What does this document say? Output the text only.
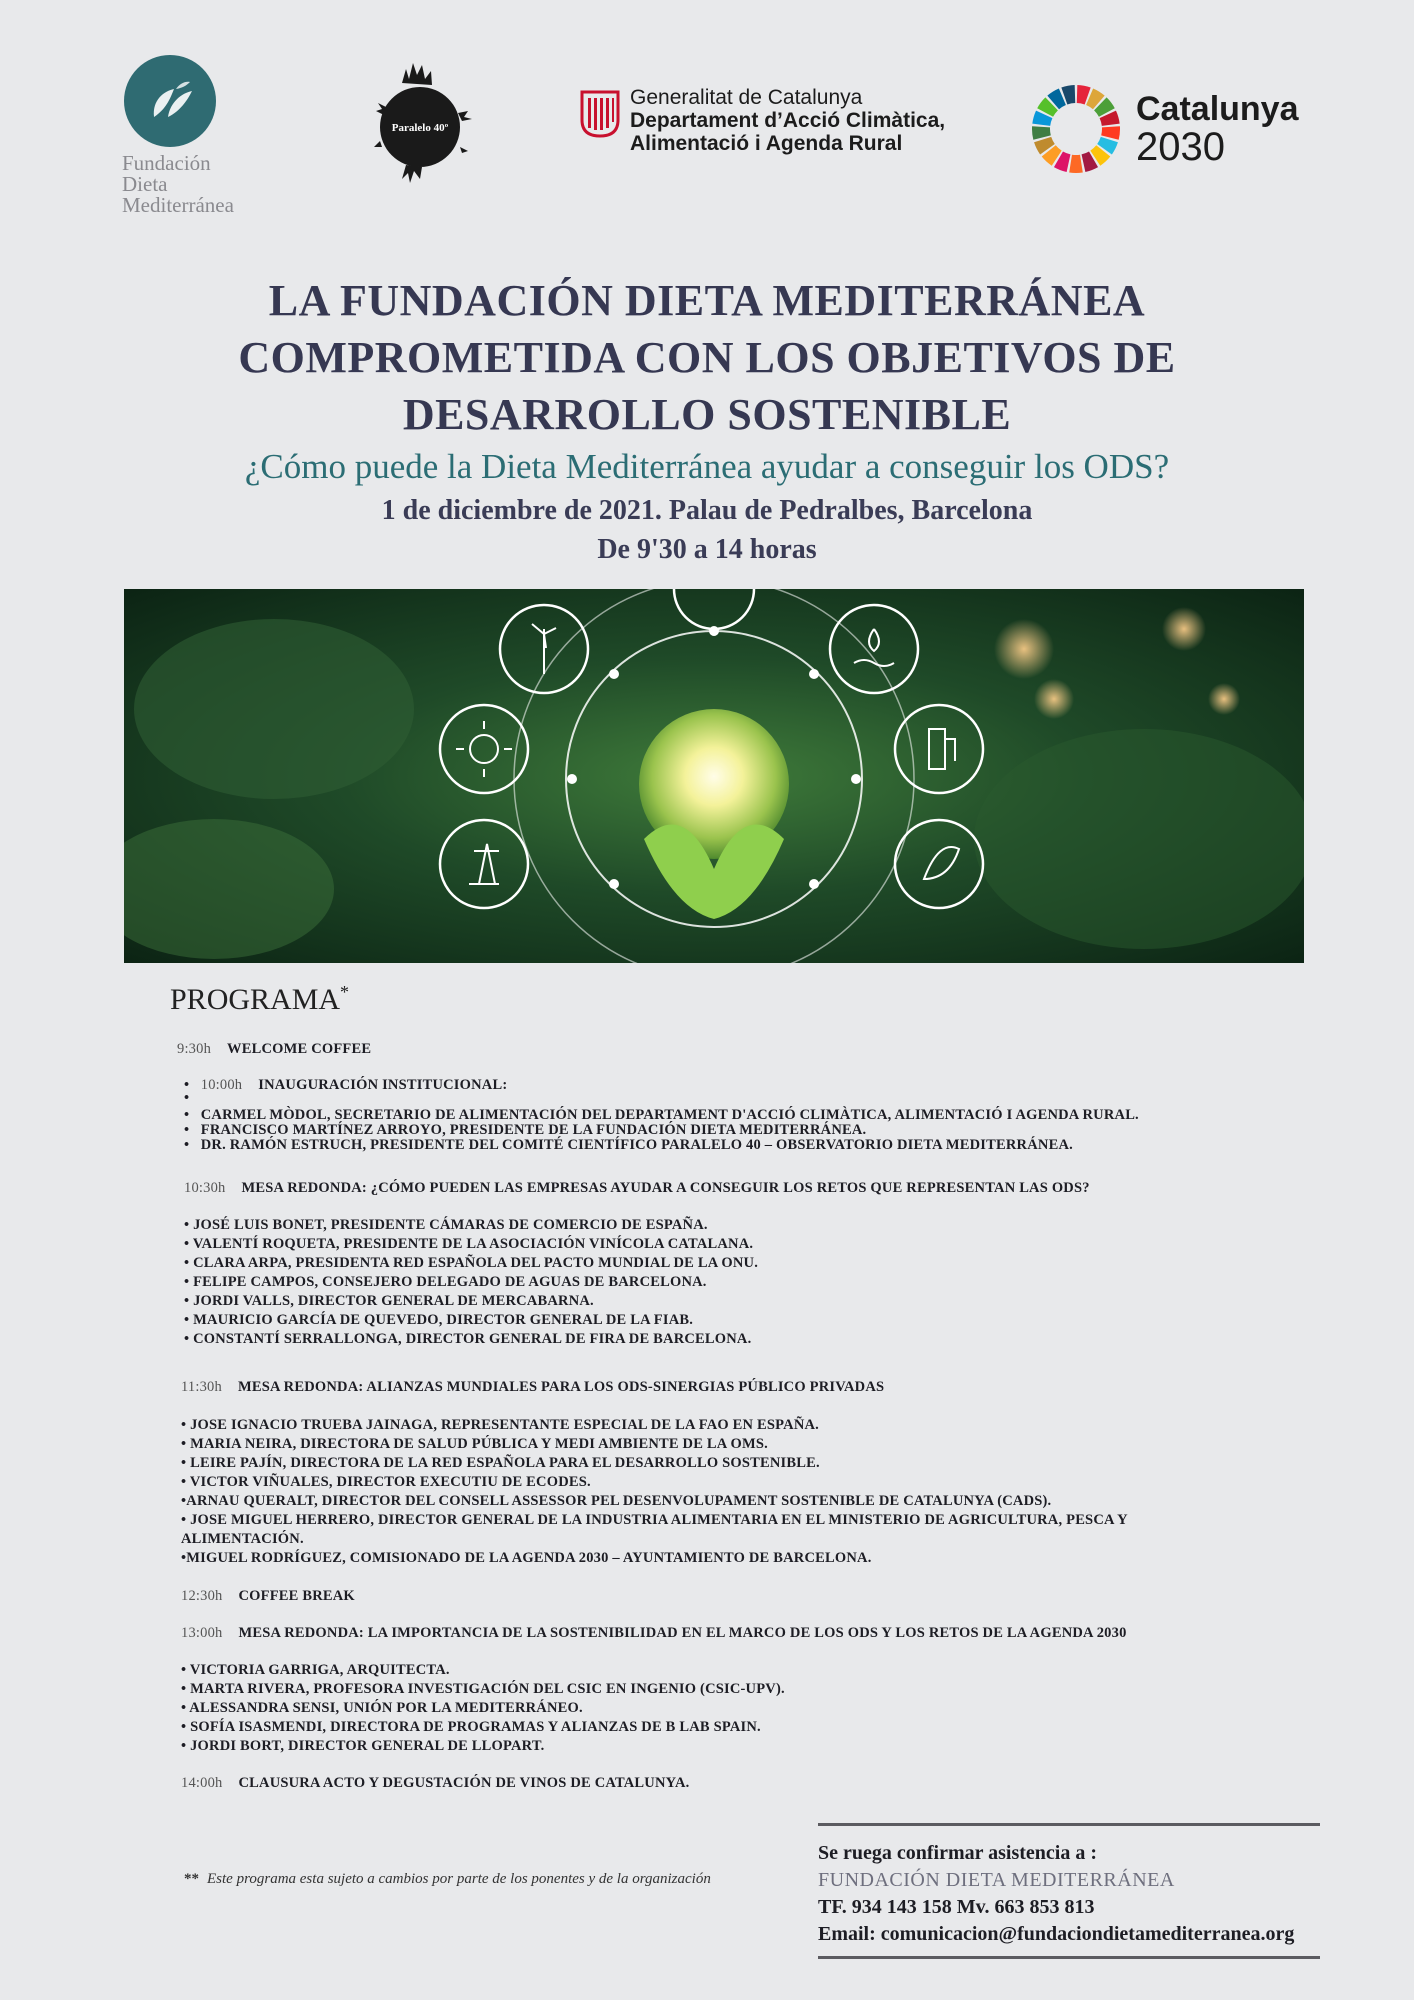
Fundación
Dieta
Mediterránea
Paralelo 40º
Generalitat de Catalunya
Departament d’Acció Climàtica,
Alimentació i Agenda Rural
Catalunya
2030
LA FUNDACIÓN DIETA MEDITERRÁNEA
COMPROMETIDA CON LOS OBJETIVOS DE
DESARROLLO SOSTENIBLE

¿Cómo puede la Dieta Mediterránea ayudar a conseguir los ODS?

1 de diciembre de 2021. Palau de Pedralbes, Barcelona

De 9'30 a 14 horas

PROGRAMA*

9:30h WELCOME COFFEE
•   10:00h INAUGURACIÓN INSTITUCIONAL:
•
•   CARMEL MÒDOL, SECRETARIO DE ALIMENTACIÓN DEL DEPARTAMENT D'ACCIÓ CLIMÀTICA, ALIMENTACIÓ I AGENDA RURAL.
•   FRANCISCO MARTÍNEZ ARROYO, PRESIDENTE DE LA FUNDACIÓN DIETA MEDITERRÁNEA.
•   DR. RAMÓN ESTRUCH, PRESIDENTE DEL COMITÉ CIENTÍFICO PARALELO 40 – OBSERVATORIO DIETA MEDITERRÁNEA.
10:30h MESA REDONDA: ¿CÓMO PUEDEN LAS EMPRESAS AYUDAR A CONSEGUIR LOS RETOS QUE REPRESENTAN LAS ODS?
• JOSÉ LUIS BONET, PRESIDENTE CÁMARAS DE COMERCIO DE ESPAÑA.
• VALENTÍ ROQUETA, PRESIDENTE DE LA ASOCIACIÓN VINÍCOLA CATALANA.
• CLARA ARPA, PRESIDENTA RED ESPAÑOLA DEL PACTO MUNDIAL DE LA ONU.
• FELIPE CAMPOS, CONSEJERO DELEGADO DE AGUAS DE BARCELONA.
• JORDI VALLS, DIRECTOR GENERAL DE MERCABARNA.
• MAURICIO GARCÍA DE QUEVEDO, DIRECTOR GENERAL DE LA FIAB.
• CONSTANTÍ SERRALLONGA, DIRECTOR GENERAL DE FIRA DE BARCELONA.
11:30h MESA REDONDA: ALIANZAS MUNDIALES PARA LOS ODS-SINERGIAS PÚBLICO PRIVADAS
• JOSE IGNACIO TRUEBA JAINAGA, REPRESENTANTE ESPECIAL DE LA FAO EN ESPAÑA.
• MARIA NEIRA, DIRECTORA DE SALUD PÚBLICA Y MEDI AMBIENTE DE LA OMS.
• LEIRE PAJÍN, DIRECTORA DE LA RED ESPAÑOLA PARA EL DESARROLLO SOSTENIBLE.
• VICTOR VIÑUALES, DIRECTOR EXECUTIU DE ECODES.
•ARNAU QUERALT, DIRECTOR DEL CONSELL ASSESSOR PEL DESENVOLUPAMENT SOSTENIBLE DE CATALUNYA (CADS).
• JOSE MIGUEL HERRERO, DIRECTOR GENERAL DE LA INDUSTRIA ALIMENTARIA EN EL MINISTERIO DE AGRICULTURA, PESCA Y
ALIMENTACIÓN.
•MIGUEL RODRÍGUEZ, COMISIONADO DE LA AGENDA 2030 – AYUNTAMIENTO DE BARCELONA.
12:30h COFFEE BREAK
13:00h MESA REDONDA: LA IMPORTANCIA DE LA SOSTENIBILIDAD EN EL MARCO DE LOS ODS Y LOS RETOS DE LA AGENDA 2030
• VICTORIA GARRIGA, ARQUITECTA.
• MARTA RIVERA, PROFESORA INVESTIGACIÓN DEL CSIC EN INGENIO (CSIC-UPV).
• ALESSANDRA SENSI, UNIÓN POR LA MEDITERRÁNEO.
• SOFÍA ISASMENDI, DIRECTORA DE PROGRAMAS Y ALIANZAS DE B LAB SPAIN.
• JORDI BORT, DIRECTOR GENERAL DE LLOPART.
14:00h CLAUSURA ACTO Y DEGUSTACIÓN DE VINOS DE CATALUNYA.
** Este programa esta sujeto a cambios por parte de los ponentes y de la organización

Se ruega confirmar asistencia a :

FUNDACIÓN DIETA MEDITERRÁNEA

TF. 934 143 158 Mv. 663 853 813

Email: comunicacion@fundaciondietamediterranea.org
